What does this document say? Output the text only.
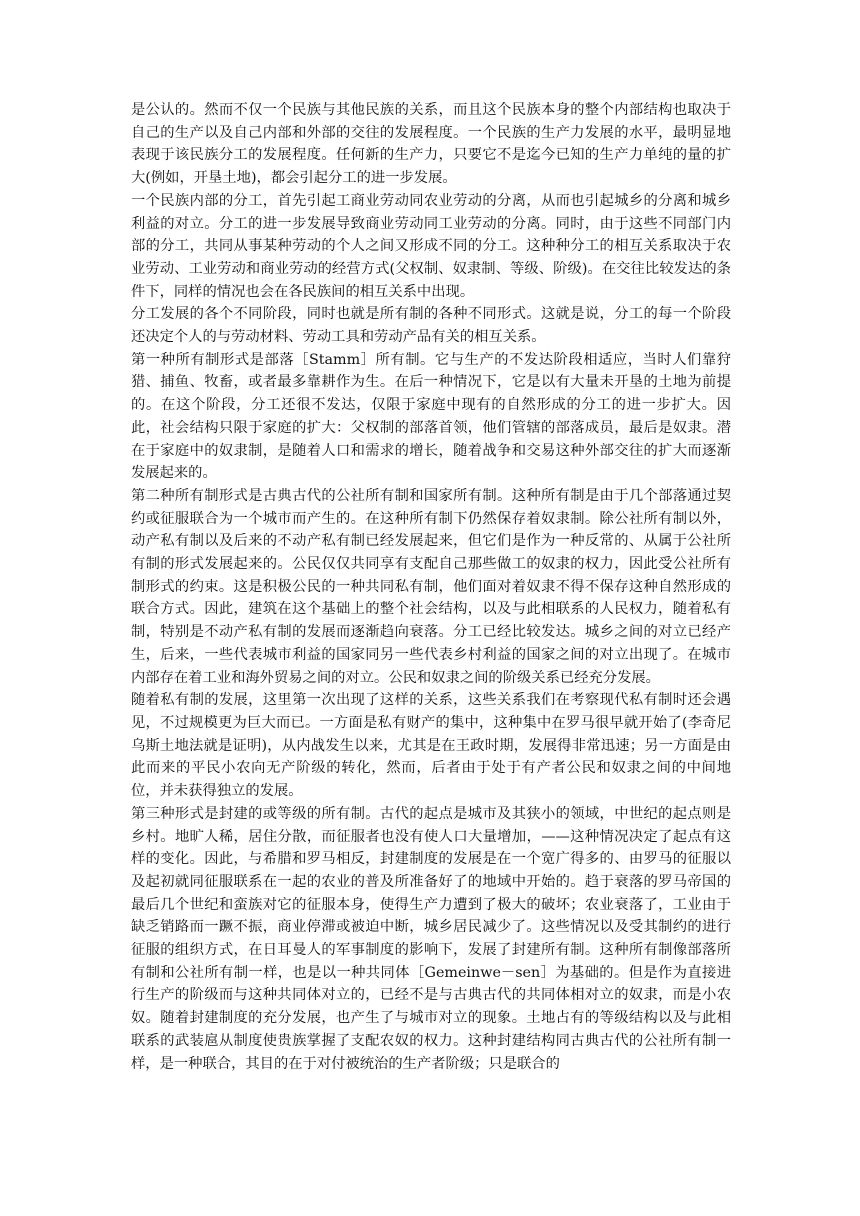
是公认的。然而不仅一个民族与其他民族的关系，而且这个民族本身的整个内部结构也取决于自己的生产以及自己内部和外部的交往的发展程度。一个民族的生产力发展的水平，最明显地表现于该民族分工的发展程度。任何新的生产力，只要它不是迄今已知的生产力单纯的量的扩大(例如，开垦土地)，都会引起分工的进一步发展。

一个民族内部的分工，首先引起工商业劳动同农业劳动的分离，从而也引起城乡的分离和城乡利益的对立。分工的进一步发展导致商业劳动同工业劳动的分离。同时，由于这些不同部门内部的分工，共同从事某种劳动的个人之间又形成不同的分工。这种种分工的相互关系取决于农业劳动、工业劳动和商业劳动的经营方式(父权制、奴隶制、等级、阶级)。在交往比较发达的条件下，同样的情况也会在各民族间的相互关系中出现。

分工发展的各个不同阶段，同时也就是所有制的各种不同形式。这就是说，分工的每一个阶段还决定个人的与劳动材料、劳动工具和劳动产品有关的相互关系。

第一种所有制形式是部落［Stamm］所有制。它与生产的不发达阶段相适应，当时人们靠狩猎、捕鱼、牧畜，或者最多靠耕作为生。在后一种情况下，它是以有大量未开垦的土地为前提的。在这个阶段，分工还很不发达，仅限于家庭中现有的自然形成的分工的进一步扩大。因此，社会结构只限于家庭的扩大：父权制的部落首领，他们管辖的部落成员，最后是奴隶。潜在于家庭中的奴隶制，是随着人口和需求的增长，随着战争和交易这种外部交往的扩大而逐渐发展起来的。

第二种所有制形式是古典古代的公社所有制和国家所有制。这种所有制是由于几个部落通过契约或征服联合为一个城市而产生的。在这种所有制下仍然保存着奴隶制。除公社所有制以外，动产私有制以及后来的不动产私有制已经发展起来，但它们是作为一种反常的、从属于公社所有制的形式发展起来的。公民仅仅共同享有支配自己那些做工的奴隶的权力，因此受公社所有制形式的约束。这是积极公民的一种共同私有制，他们面对着奴隶不得不保存这种自然形成的联合方式。因此，建筑在这个基础上的整个社会结构，以及与此相联系的人民权力，随着私有制，特别是不动产私有制的发展而逐渐趋向衰落。分工已经比较发达。城乡之间的对立已经产生，后来，一些代表城市利益的国家同另一些代表乡村利益的国家之间的对立出现了。在城市内部存在着工业和海外贸易之间的对立。公民和奴隶之间的阶级关系已经充分发展。

随着私有制的发展，这里第一次出现了这样的关系，这些关系我们在考察现代私有制时还会遇见，不过规模更为巨大而已。一方面是私有财产的集中，这种集中在罗马很早就开始了(李奇尼乌斯土地法就是证明)，从内战发生以来，尤其是在王政时期，发展得非常迅速；另一方面是由此而来的平民小农向无产阶级的转化，然而，后者由于处于有产者公民和奴隶之间的中间地位，并未获得独立的发展。

第三种形式是封建的或等级的所有制。古代的起点是城市及其狭小的领域，中世纪的起点则是乡村。地旷人稀，居住分散，而征服者也没有使人口大量增加，——这种情况决定了起点有这样的变化。因此，与希腊和罗马相反，封建制度的发展是在一个宽广得多的、由罗马的征服以及起初就同征服联系在一起的农业的普及所准备好了的地域中开始的。趋于衰落的罗马帝国的最后几个世纪和蛮族对它的征服本身，使得生产力遭到了极大的破坏；农业衰落了，工业由于缺乏销路而一蹶不振，商业停滞或被迫中断，城乡居民减少了。这些情况以及受其制约的进行征服的组织方式，在日耳曼人的军事制度的影响下，发展了封建所有制。这种所有制像部落所有制和公社所有制一样，也是以一种共同体［Gemeinwe－sen］为基础的。但是作为直接进行生产的阶级而与这种共同体对立的，已经不是与古典古代的共同体相对立的奴隶，而是小农奴。随着封建制度的充分发展，也产生了与城市对立的现象。土地占有的等级结构以及与此相联系的武装扈从制度使贵族掌握了支配农奴的权力。这种封建结构同古典古代的公社所有制一样，是一种联合，其目的在于对付被统治的生产者阶级；只是联合的
